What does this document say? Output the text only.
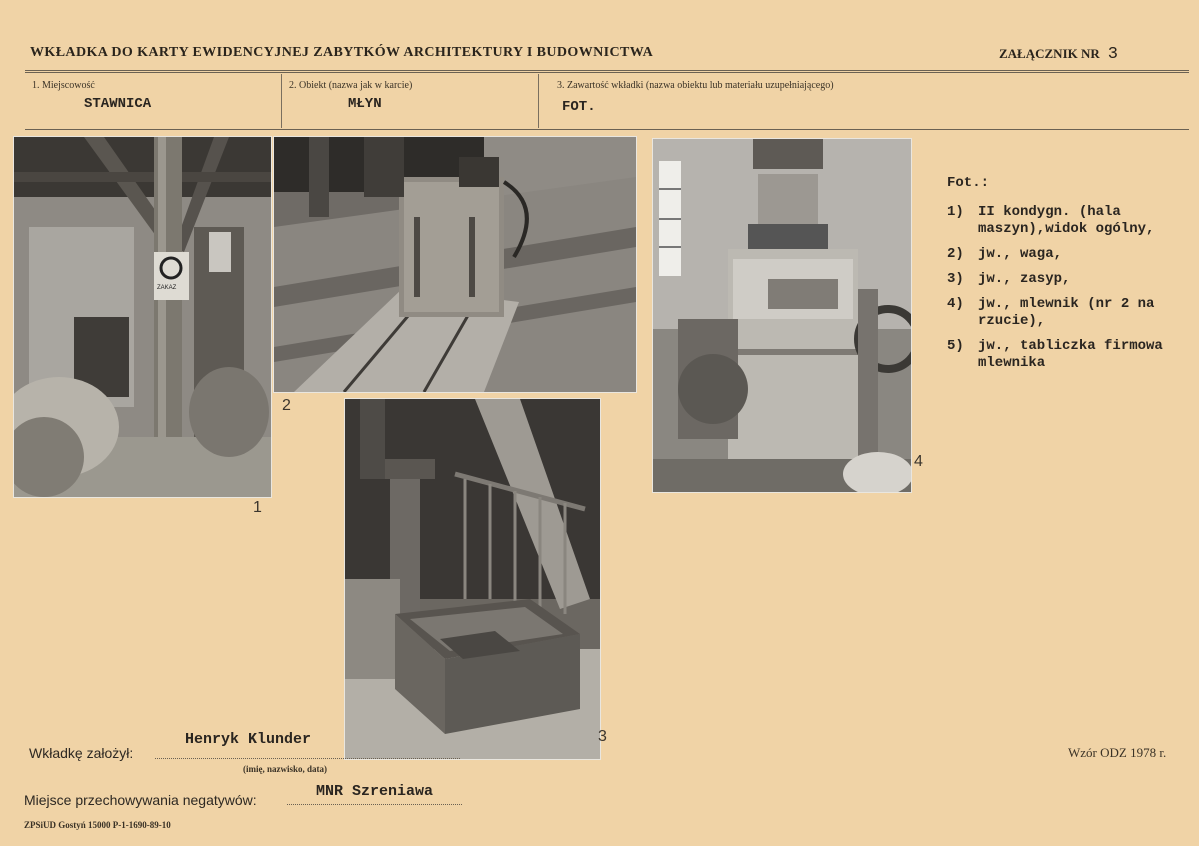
WKŁADKA DO KARTY EWIDENCYJNEJ ZABYTKÓW ARCHITEKTURY I BUDOWNICTWA	ZAŁĄCZNIK NR 3
1. Miejscowość
STAWNICA
2. Obiekt (nazwa jak w karcie)
MŁYN
3. Zawartość wkładki (nazwa obiektu lub materiału uzupełniającego)
FOT.
ZAKAZ
1
2
4
3
Fot.:
1)	II kondygn. (hala maszyn),widok ogólny,
2)	jw., waga,
3)	jw., zasyp,
4)	jw., mlewnik (nr 2 na rzucie),
5)	jw., tabliczka firmowa mlewnika
Wkładkę założył:
Henryk Klunder
(imię, nazwisko, data)
Wzór ODZ 1978 r.
Miejsce przechowywania negatywów:	MNR Szreniawa
ZPSiUD Gostyń 15000 P-1-1690-89-10
